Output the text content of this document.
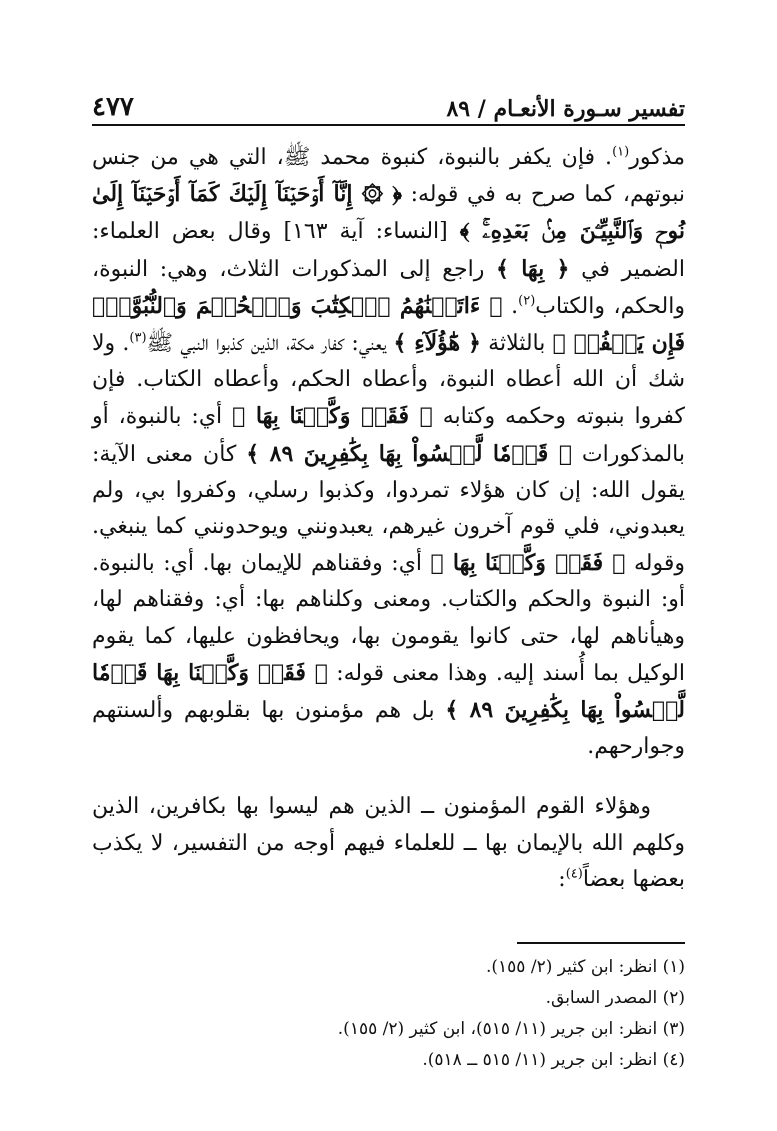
تفسير سـورة الأنعـام / ٨٩
٤٧٧

مذكور$^{(١)}$. فإن يكفر بالنبوة، كنبوة محمد ﷺ، التي هي من جنس نبوتهم، كما صرح به في قوله: ﴿ ۞ إِنَّآ أَوۡحَيۡنَآ إِلَيۡكَ كَمَآ أَوۡحَيۡنَآ إِلَىٰ نُوحٖ وَٱلنَّبِيِّـۧنَ مِنۢ بَعۡدِهِۦۚ ﴾ [النساء: آية ١٦٣] وقال بعض العلماء: الضمير في ﴿ بِهَا ﴾ راجع إلى المذكورات الثلاث، وهي: النبوة، والحكم، والكتاب$^{(٢)}$. ﴿ ءَاتَيۡنَٰهُمُ ٱلۡكِتَٰبَ وَٱلۡحُكۡمَ وَٱلنُّبُوَّةَۚ فَإِن يَكۡفُرۡ ﴾ بالثلاثة ﴿ هَٰٓؤُلَآءِ ﴾ يعني: كفار مكة، الذين كذبوا النبي ﷺ$^{(٣)}$. ولا شك أن الله أعطاه النبوة، وأعطاه الحكم، وأعطاه الكتاب. فإن كفروا بنبوته وحكمه وكتابه ﴿ فَقَدۡ وَكَّلۡنَا بِهَا ﴾ أي: بالنبوة، أو بالمذكورات ﴿ قَوۡمٗا لَّيۡسُواْ بِهَا بِكَٰفِرِينَ ٨٩ ﴾ كأن معنى الآية: يقول الله: إن كان هؤلاء تمردوا، وكذبوا رسلي، وكفروا بي، ولم يعبدوني، فلي قوم آخرون غيرهم، يعبدونني ويوحدونني كما ينبغي. وقوله ﴿ فَقَدۡ وَكَّلۡنَا بِهَا ﴾ أي: وفقناهم للإيمان بها. أي: بالنبوة. أو: النبوة والحكم والكتاب. ومعنى وكلناهم بها: أي: وفقناهم لها، وهيأناهم لها، حتى كانوا يقومون بها، ويحافظون عليها، كما يقوم الوكيل بما أُسند إليه. وهذا معنى قوله: ﴿ فَقَدۡ وَكَّلۡنَا بِهَا قَوۡمٗا لَّيۡسُواْ بِهَا بِكَٰفِرِينَ ٨٩ ﴾ بل هم مؤمنون بها بقلوبهم وألسنتهم وجوارحهم.

وهؤلاء القوم المؤمنون ــ الذين هم ليسوا بها بكافرين، الذين وكلهم الله بالإيمان بها ــ للعلماء فيهم أوجه من التفسير، لا يكذب بعضها بعضاً$^{(٤)}$:

(١) انظر: ابن كثير (٢/ ١٥٥).
(٢) المصدر السابق.
(٣) انظر: ابن جرير (١١/ ٥١٥)، ابن كثير (٢/ ١٥٥).
(٤) انظر: ابن جرير (١١/ ٥١٥ ــ ٥١٨).
